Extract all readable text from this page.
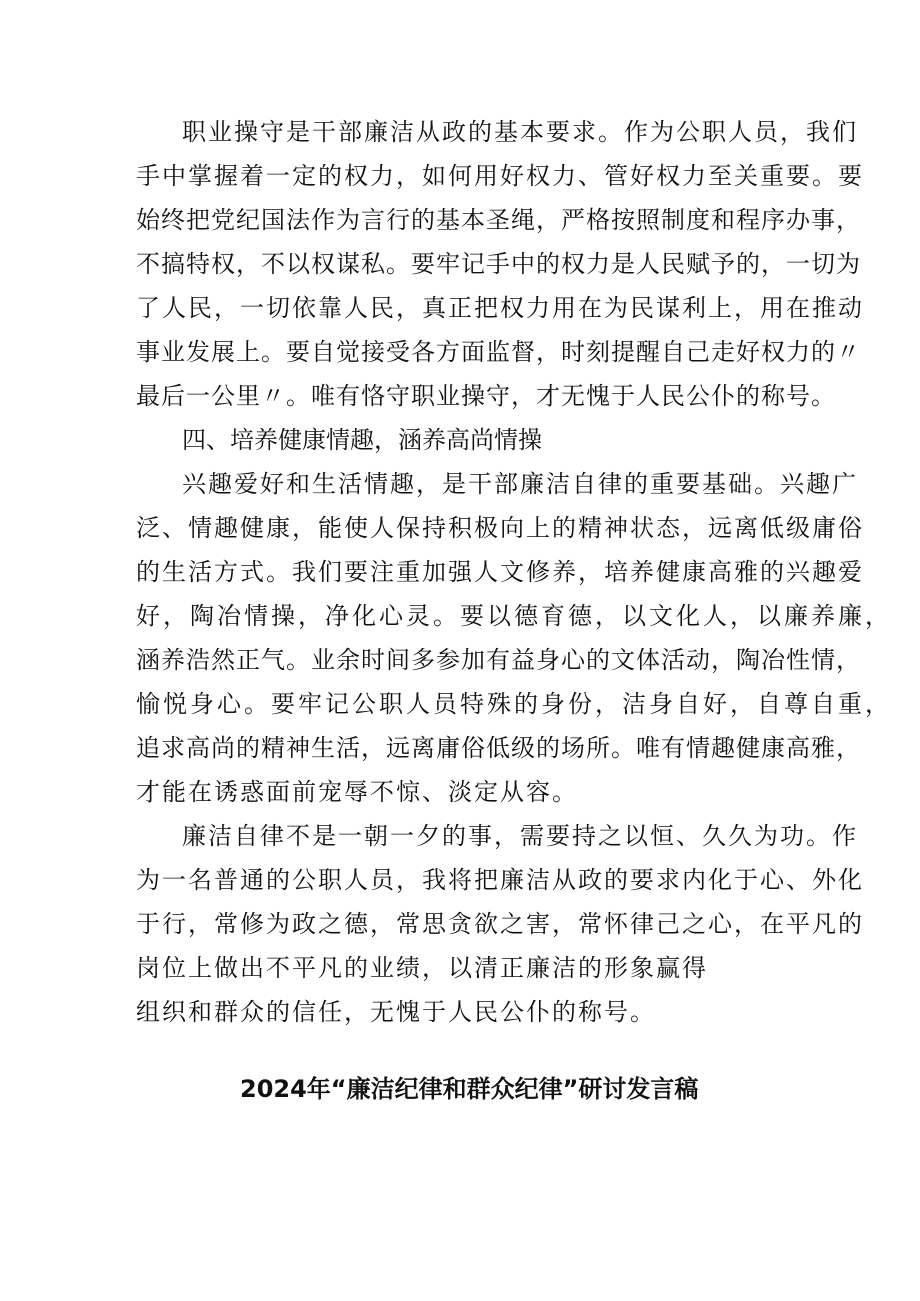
职业操守是干部廉洁从政的基本要求。作为公职人员，我们
手中掌握着一定的权力，如何用好权力、管好权力至关重要。要
始终把党纪国法作为言行的基本圣绳，严格按照制度和程序办事，
不搞特权，不以权谋私。要牢记手中的权力是人民赋予的，一切为
了人民，一切依靠人民，真正把权力用在为民谋利上，用在推动
事业发展上。要自觉接受各方面监督，时刻提醒自己走好权力的〃
最后一公里〃。唯有恪守职业操守，才无愧于人民公仆的称号。
四、培养健康情趣，涵养高尚情操
兴趣爱好和生活情趣，是干部廉洁自律的重要基础。兴趣广
泛、情趣健康，能使人保持积极向上的精神状态，远离低级庸俗
的生活方式。我们要注重加强人文修养，培养健康高雅的兴趣爱
好，陶冶情操，净化心灵。要以德育德，以文化人，以廉养廉，
涵养浩然正气。业余时间多参加有益身心的文体活动，陶冶性情，
愉悦身心。要牢记公职人员特殊的身份，洁身自好，自尊自重，
追求高尚的精神生活，远离庸俗低级的场所。唯有情趣健康高雅，
才能在诱惑面前宠辱不惊、淡定从容。
廉洁自律不是一朝一夕的事，需要持之以恒、久久为功。作
为一名普通的公职人员，我将把廉洁从政的要求内化于心、外化
于行，常修为政之德，常思贪欲之害，常怀律己之心，在平凡的
岗位上做出不平凡的业绩，以清正廉洁的形象赢得
组织和群众的信任，无愧于人民公仆的称号。
2024年“廉洁纪律和群众纪律”研讨发言稿
